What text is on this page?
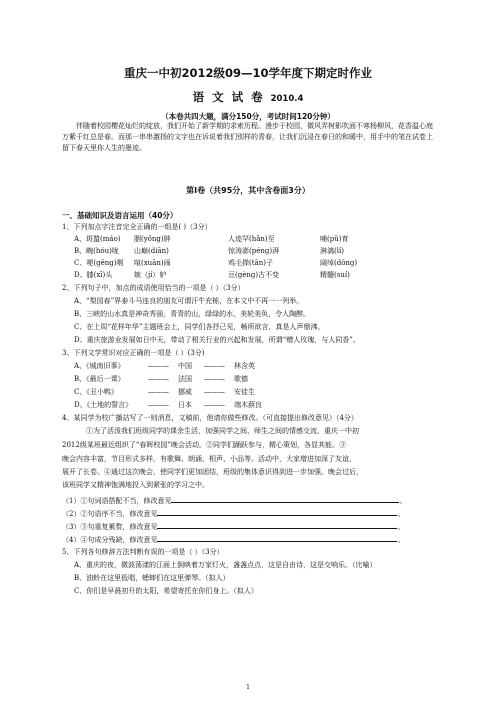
重庆一中初2012级09—10学年度下期定时作业
语 文 试 卷 2010.4
（本卷共四大题，满分150分，考试时间120分钟）
伴随着校园樱花灿烂的绽放，我们开始了新学期的求索历程。漫步于校园，微风弄树影吹面不寒杨柳风，花香温心庭万紫千红总是春。而那一串串激扬的文字也在诉说着我们别样的青春，让我们沉浸在春日的和暖中，用手中的笔在试卷上留下春天里你人生的墨迹。
第Ⅰ卷（共95分，其中含卷面3分）
一、基础知识及语言运用（40分）
1、下列加点字注音完全正确的一组是( )（3分）
A、斑蝥(máo)	胭(yǒng)肿	人迹罕(hǎn)至	哺(pǔ)育
B、畹(hóu)咙	山巅(diān)	惊涛澎(péng)湃	淋漓(lí)
C、哽(gěng)咽	喧(xuān)闹	鸡毛掸(tān)子	阔绰(dōng)
D、膝(xī)头	嫉（jí）妒	亘(gèng)古不变	精髓(suí)
2、下列句子中，加点的成语使用恰当的一项是（ ）（3分）
A、“梨园春”界泰斗马连良的朋友可谓汗牛充栋，在本文中不再一一列举。
B、三峡的山水真是神奇秀丽，青青的山，绿绿的水，美轮美奂，令人陶醉。
C、在上周“花样年华”主题班会上，同学们各抒己见，畅所欲言，真是人声鼎沸。
D、重庆旅游业发展如日中天，带动了相关行业的兴起和发展，所谓“赠人玫瑰，与人同香”。
3、下列文学常识对应正确的一项是（ ）(3分)
A、《城南旧事》	———	中国	———	林含英
B、《最后一课》	———	法国	———	歌德
C、《丑小鸭》	———	挪威	———	安徒生
D、《土地的誓言》	———	日本	———	端木蕻良
4、某同学为校广播站写了一则消息，文稿前，他请你做些修改。（可直接提出修改意见）（4分）
①为了活泼我们班级同学的课余生活，加强同学之间、师生之间的情感交流，重庆一中初
2012级某班最近组织了“春晖校园”晚会活动。②同学们踊跃参与，精心策划，各显其能。③
晚会内容丰富，节目形式多样，有歌舞、朗诵、相声、小品等。活动中，大家增进加深了友谊，
展开了长卷。④通过这次晚会，使同学们更加团结，班级的集体意识得到进一步加强。晚会过后，
该班同学又精神饱满地投入到紧张的学习之中。
（1）①句词语搭配不当，修改意见	。
（2）②句语序不当，修改意见	。
（3）③句重复累赘，修改意见	。
（4）④句成分残缺，修改意见	。
5、下列各句修辞方法判断有误的一项是（ ）（3分）
A、重庆的夜，微波荡漾的江面上倒映着万家灯火，盏盏点点，这是自由诗，这是交响乐。（比喻）
B、油蛉在这里低唱，蟋蟀们在这里弹琴。（拟人）
C、你们是早晨初升的太阳，希望寄托在你们身上。（拟人）
1
